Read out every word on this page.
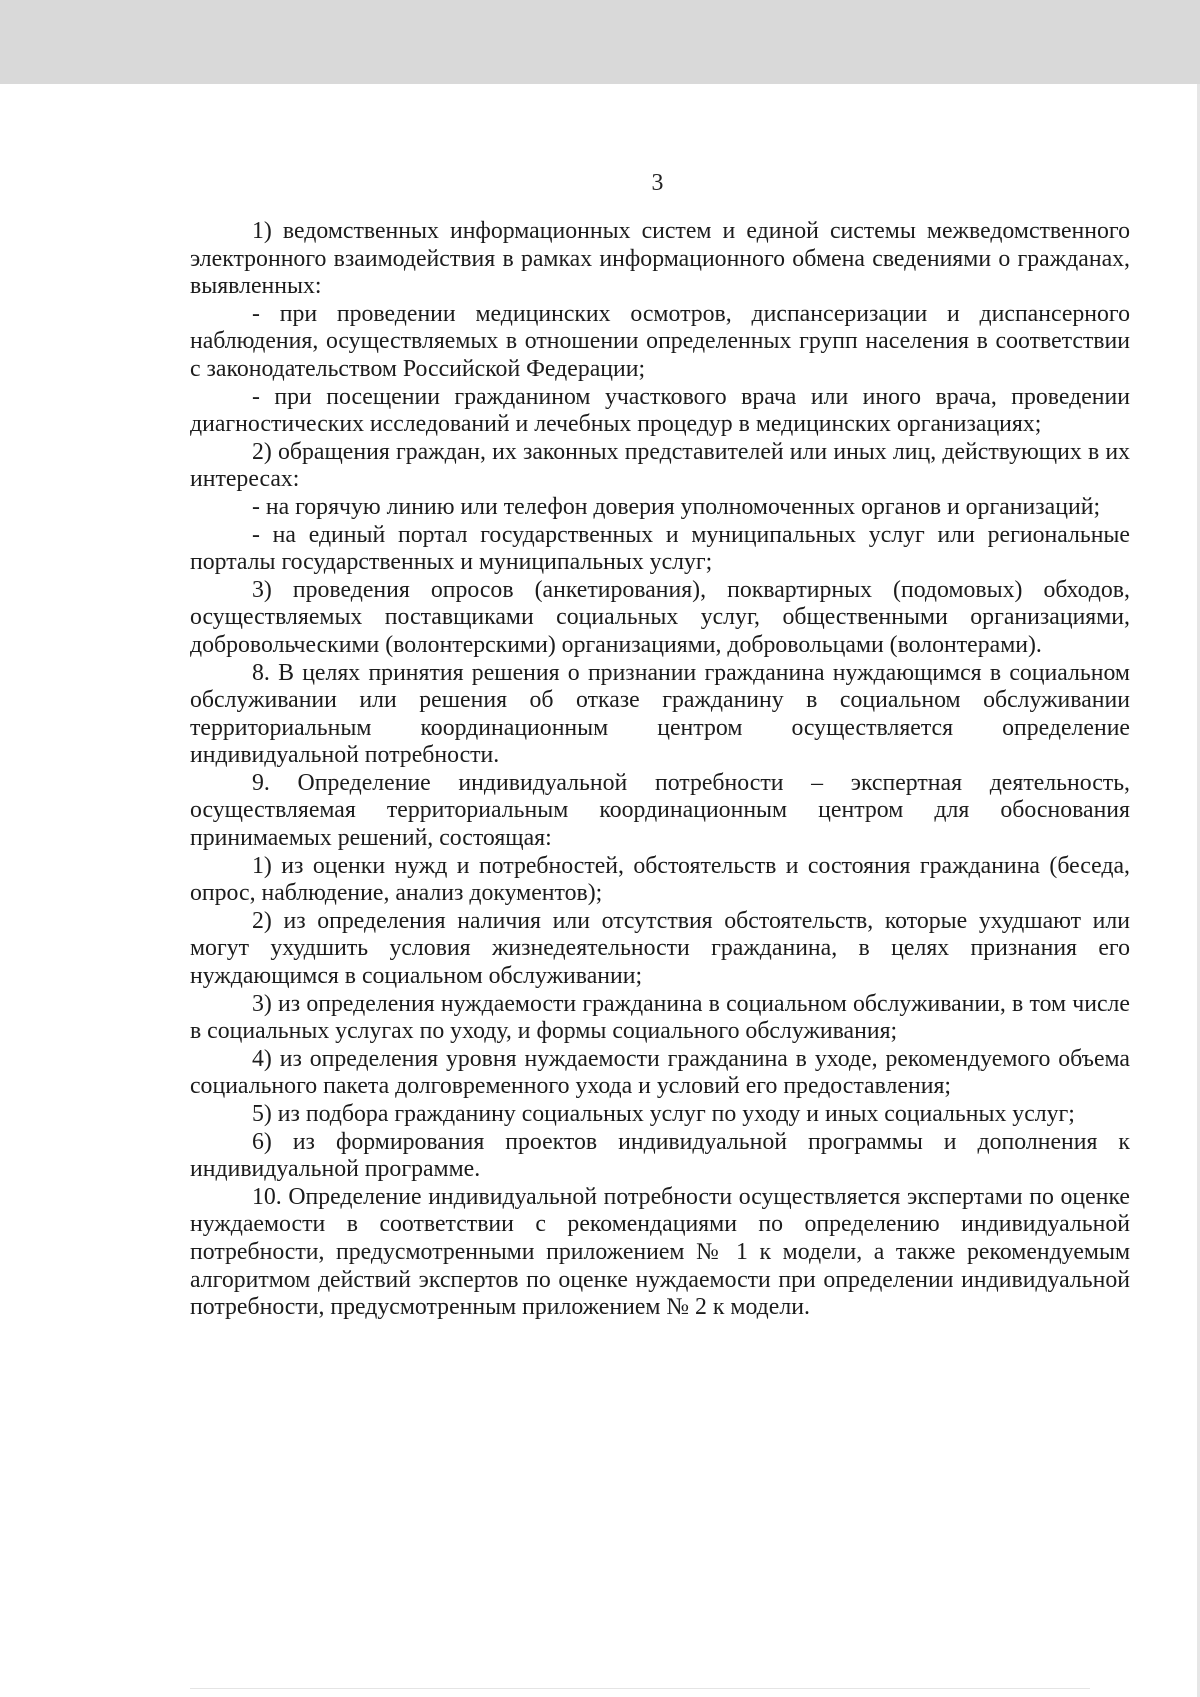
3

1) ведомственных информационных систем и единой системы межведомственного электронного взаимодействия в рамках информационного обмена сведениями о гражданах, выявленных:

- при проведении медицинских осмотров, диспансеризации и диспансерного наблюдения, осуществляемых в отношении определенных групп населения в соответствии с законодательством Российской Федерации;

- при посещении гражданином участкового врача или иного врача, проведении диагностических исследований и лечебных процедур в медицинских организациях;

2) обращения граждан, их законных представителей или иных лиц, действующих в их интересах:

- на горячую линию или телефон доверия уполномоченных органов и организаций;

- на единый портал государственных и муниципальных услуг или региональные порталы государственных и муниципальных услуг;

3) проведения опросов (анкетирования), поквартирных (подомовых) обходов, осуществляемых поставщиками социальных услуг, общественными организациями, добровольческими (волонтерскими) организациями, добровольцами (волонтерами).

8. В целях принятия решения о признании гражданина нуждающимся в социальном обслуживании или решения об отказе гражданину в социальном обслуживании территориальным координационным центром осуществляется определение индивидуальной потребности.

9. Определение индивидуальной потребности – экспертная деятельность, осуществляемая территориальным координационным центром для обоснования принимаемых решений, состоящая:

1) из оценки нужд и потребностей, обстоятельств и состояния гражданина (беседа, опрос, наблюдение, анализ документов);

2) из определения наличия или отсутствия обстоятельств, которые ухудшают или могут ухудшить условия жизнедеятельности гражданина, в целях признания его нуждающимся в социальном обслуживании;

3) из определения нуждаемости гражданина в социальном обслуживании, в том числе в социальных услугах по уходу, и формы социального обслуживания;

4) из определения уровня нуждаемости гражданина в уходе, рекомендуемого объема социального пакета долговременного ухода и условий его предоставления;

5) из подбора гражданину социальных услуг по уходу и иных социальных услуг;

6) из формирования проектов индивидуальной программы и дополнения к индивидуальной программе.

10. Определение индивидуальной потребности осуществляется экспертами по оценке нуждаемости в соответствии с рекомендациями по определению индивидуальной потребности, предусмотренными приложением № 1 к модели, а также рекомендуемым алгоритмом действий экспертов по оценке нуждаемости при определении индивидуальной потребности, предусмотренным приложением № 2 к модели.
